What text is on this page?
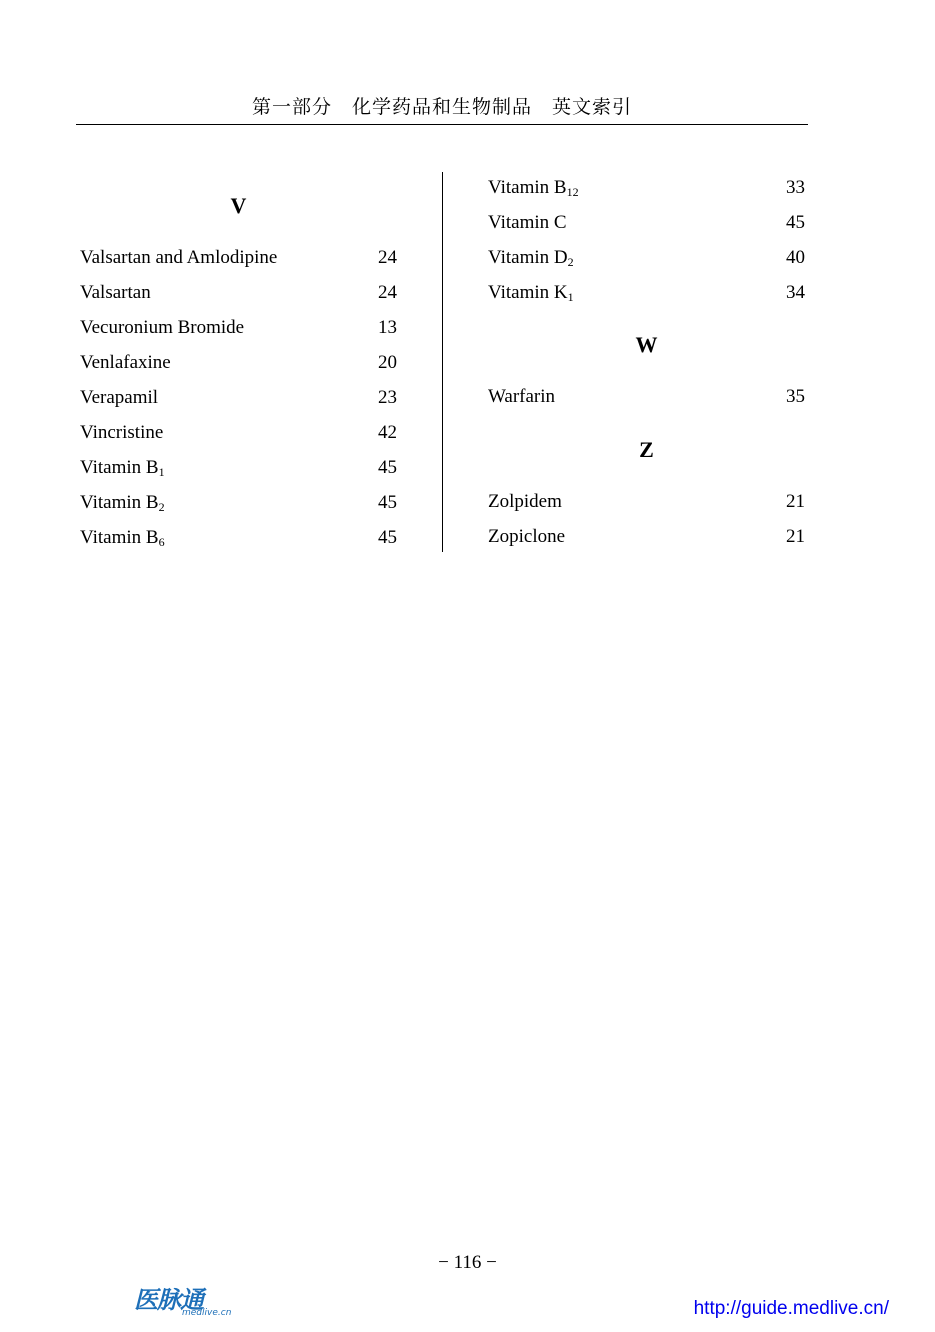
第一部分　化学药品和生物制品　英文索引
V
Valsartan and Amlodipine	24
Valsartan	24
Vecuronium Bromide	13
Venlafaxine	20
Verapamil	23
Vincristine	42
Vitamin $B_1$	45
Vitamin $B_2$	45
Vitamin $B_6$	45
Vitamin $B_{12}$	33
Vitamin C	45
Vitamin $D_2$	40
Vitamin $K_1$	34
W
Warfarin	35
Z
Zolpidem	21
Zopiclone	21
− 116 −
医脉通
medlive.cn	http://guide.medlive.cn/
